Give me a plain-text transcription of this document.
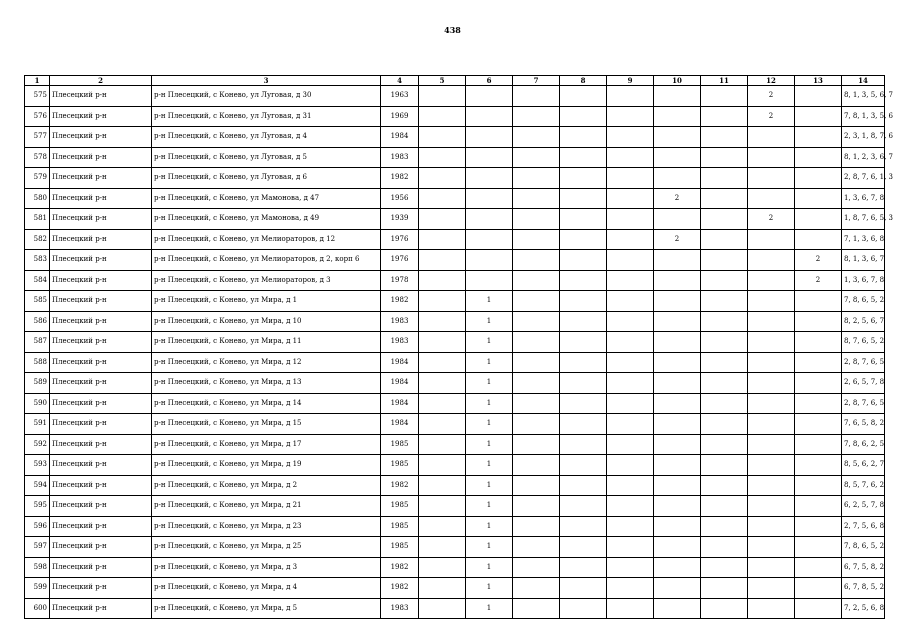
438
1	2	3	4	5	6	7	8	9	10	11	12	13	14
575	Плесецкий р-н	р-н Плесецкий, с Конево, ул Луговая, д 30	1963								2		8, 1, 3, 5, 6, 7
576	Плесецкий р-н	р-н Плесецкий, с Конево, ул Луговая, д 31	1969								2		7, 8, 1, 3, 5, 6
577	Плесецкий р-н	р-н Плесецкий, с Конево, ул Луговая, д 4	1984										2, 3, 1, 8, 7, 6
578	Плесецкий р-н	р-н Плесецкий, с Конево, ул Луговая, д 5	1983										8, 1, 2, 3, 6, 7
579	Плесецкий р-н	р-н Плесецкий, с Конево, ул Луговая, д 6	1982										2, 8, 7, 6, 1, 3
580	Плесецкий р-н	р-н Плесецкий, с Конево, ул Мамонова, д 47	1956						2				1, 3, 6, 7, 8
581	Плесецкий р-н	р-н Плесецкий, с Конево, ул Мамонова, д 49	1939								2		1, 8, 7, 6, 5, 3
582	Плесецкий р-н	р-н Плесецкий, с Конево, ул Мелиораторов, д 12	1976						2				7, 1, 3, 6, 8
583	Плесецкий р-н	р-н Плесецкий, с Конево, ул Мелиораторов, д 2, корп 6	1976									2	8, 1, 3, 6, 7
584	Плесецкий р-н	р-н Плесецкий, с Конево, ул Мелиораторов, д 3	1978									2	1, 3, 6, 7, 8
585	Плесецкий р-н	р-н Плесецкий, с Конево, ул Мира, д 1	1982		1								7, 8, 6, 5, 2
586	Плесецкий р-н	р-н Плесецкий, с Конево, ул Мира, д 10	1983		1								8, 2, 5, 6, 7
587	Плесецкий р-н	р-н Плесецкий, с Конево, ул Мира, д 11	1983		1								8, 7, 6, 5, 2
588	Плесецкий р-н	р-н Плесецкий, с Конево, ул Мира, д 12	1984		1								2, 8, 7, 6, 5
589	Плесецкий р-н	р-н Плесецкий, с Конево, ул Мира, д 13	1984		1								2, 6, 5, 7, 8
590	Плесецкий р-н	р-н Плесецкий, с Конево, ул Мира, д 14	1984		1								2, 8, 7, 6, 5
591	Плесецкий р-н	р-н Плесецкий, с Конево, ул Мира, д 15	1984		1								7, 6, 5, 8, 2
592	Плесецкий р-н	р-н Плесецкий, с Конево, ул Мира, д 17	1985		1								7, 8, 6, 2, 5
593	Плесецкий р-н	р-н Плесецкий, с Конево, ул Мира, д 19	1985		1								8, 5, 6, 2, 7
594	Плесецкий р-н	р-н Плесецкий, с Конево, ул Мира, д 2	1982		1								8, 5, 7, 6, 2
595	Плесецкий р-н	р-н Плесецкий, с Конево, ул Мира, д 21	1985		1								6, 2, 5, 7, 8
596	Плесецкий р-н	р-н Плесецкий, с Конево, ул Мира, д 23	1985		1								2, 7, 5, 6, 8
597	Плесецкий р-н	р-н Плесецкий, с Конево, ул Мира, д 25	1985		1								7, 8, 6, 5, 2
598	Плесецкий р-н	р-н Плесецкий, с Конево, ул Мира, д 3	1982		1								6, 7, 5, 8, 2
599	Плесецкий р-н	р-н Плесецкий, с Конево, ул Мира, д 4	1982		1								6, 7, 8, 5, 2
600	Плесецкий р-н	р-н Плесецкий, с Конево, ул Мира, д 5	1983		1								7, 2, 5, 6, 8
